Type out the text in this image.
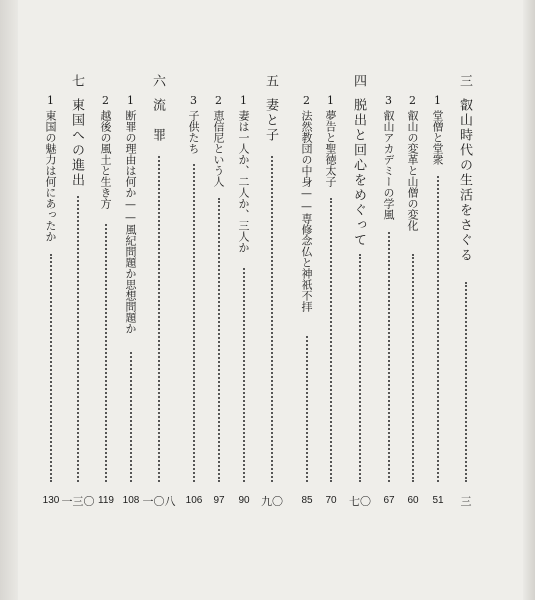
三
叡山時代の生活をさぐる
三
1
堂僧と堂衆
51
2
叡山の変革と山僧の変化
60
3
叡山アカデミーの学風
67
四
脱出と回心をめぐって
七〇
1
夢告と聖徳太子
70
2
法然教団の中身——専修念仏と神祇不拝
85
五
妻と子
九〇
1
妻は一人か、二人か、三人か
90
2
恵信尼という人
97
3
子供たち
106
六
流　罪
一〇八
1
断罪の理由は何か——風紀問題か思想問題か
108
2
越後の風土と生き方
119
七
東国への進出
一三〇
1
東国の魅力は何にあったか
130
